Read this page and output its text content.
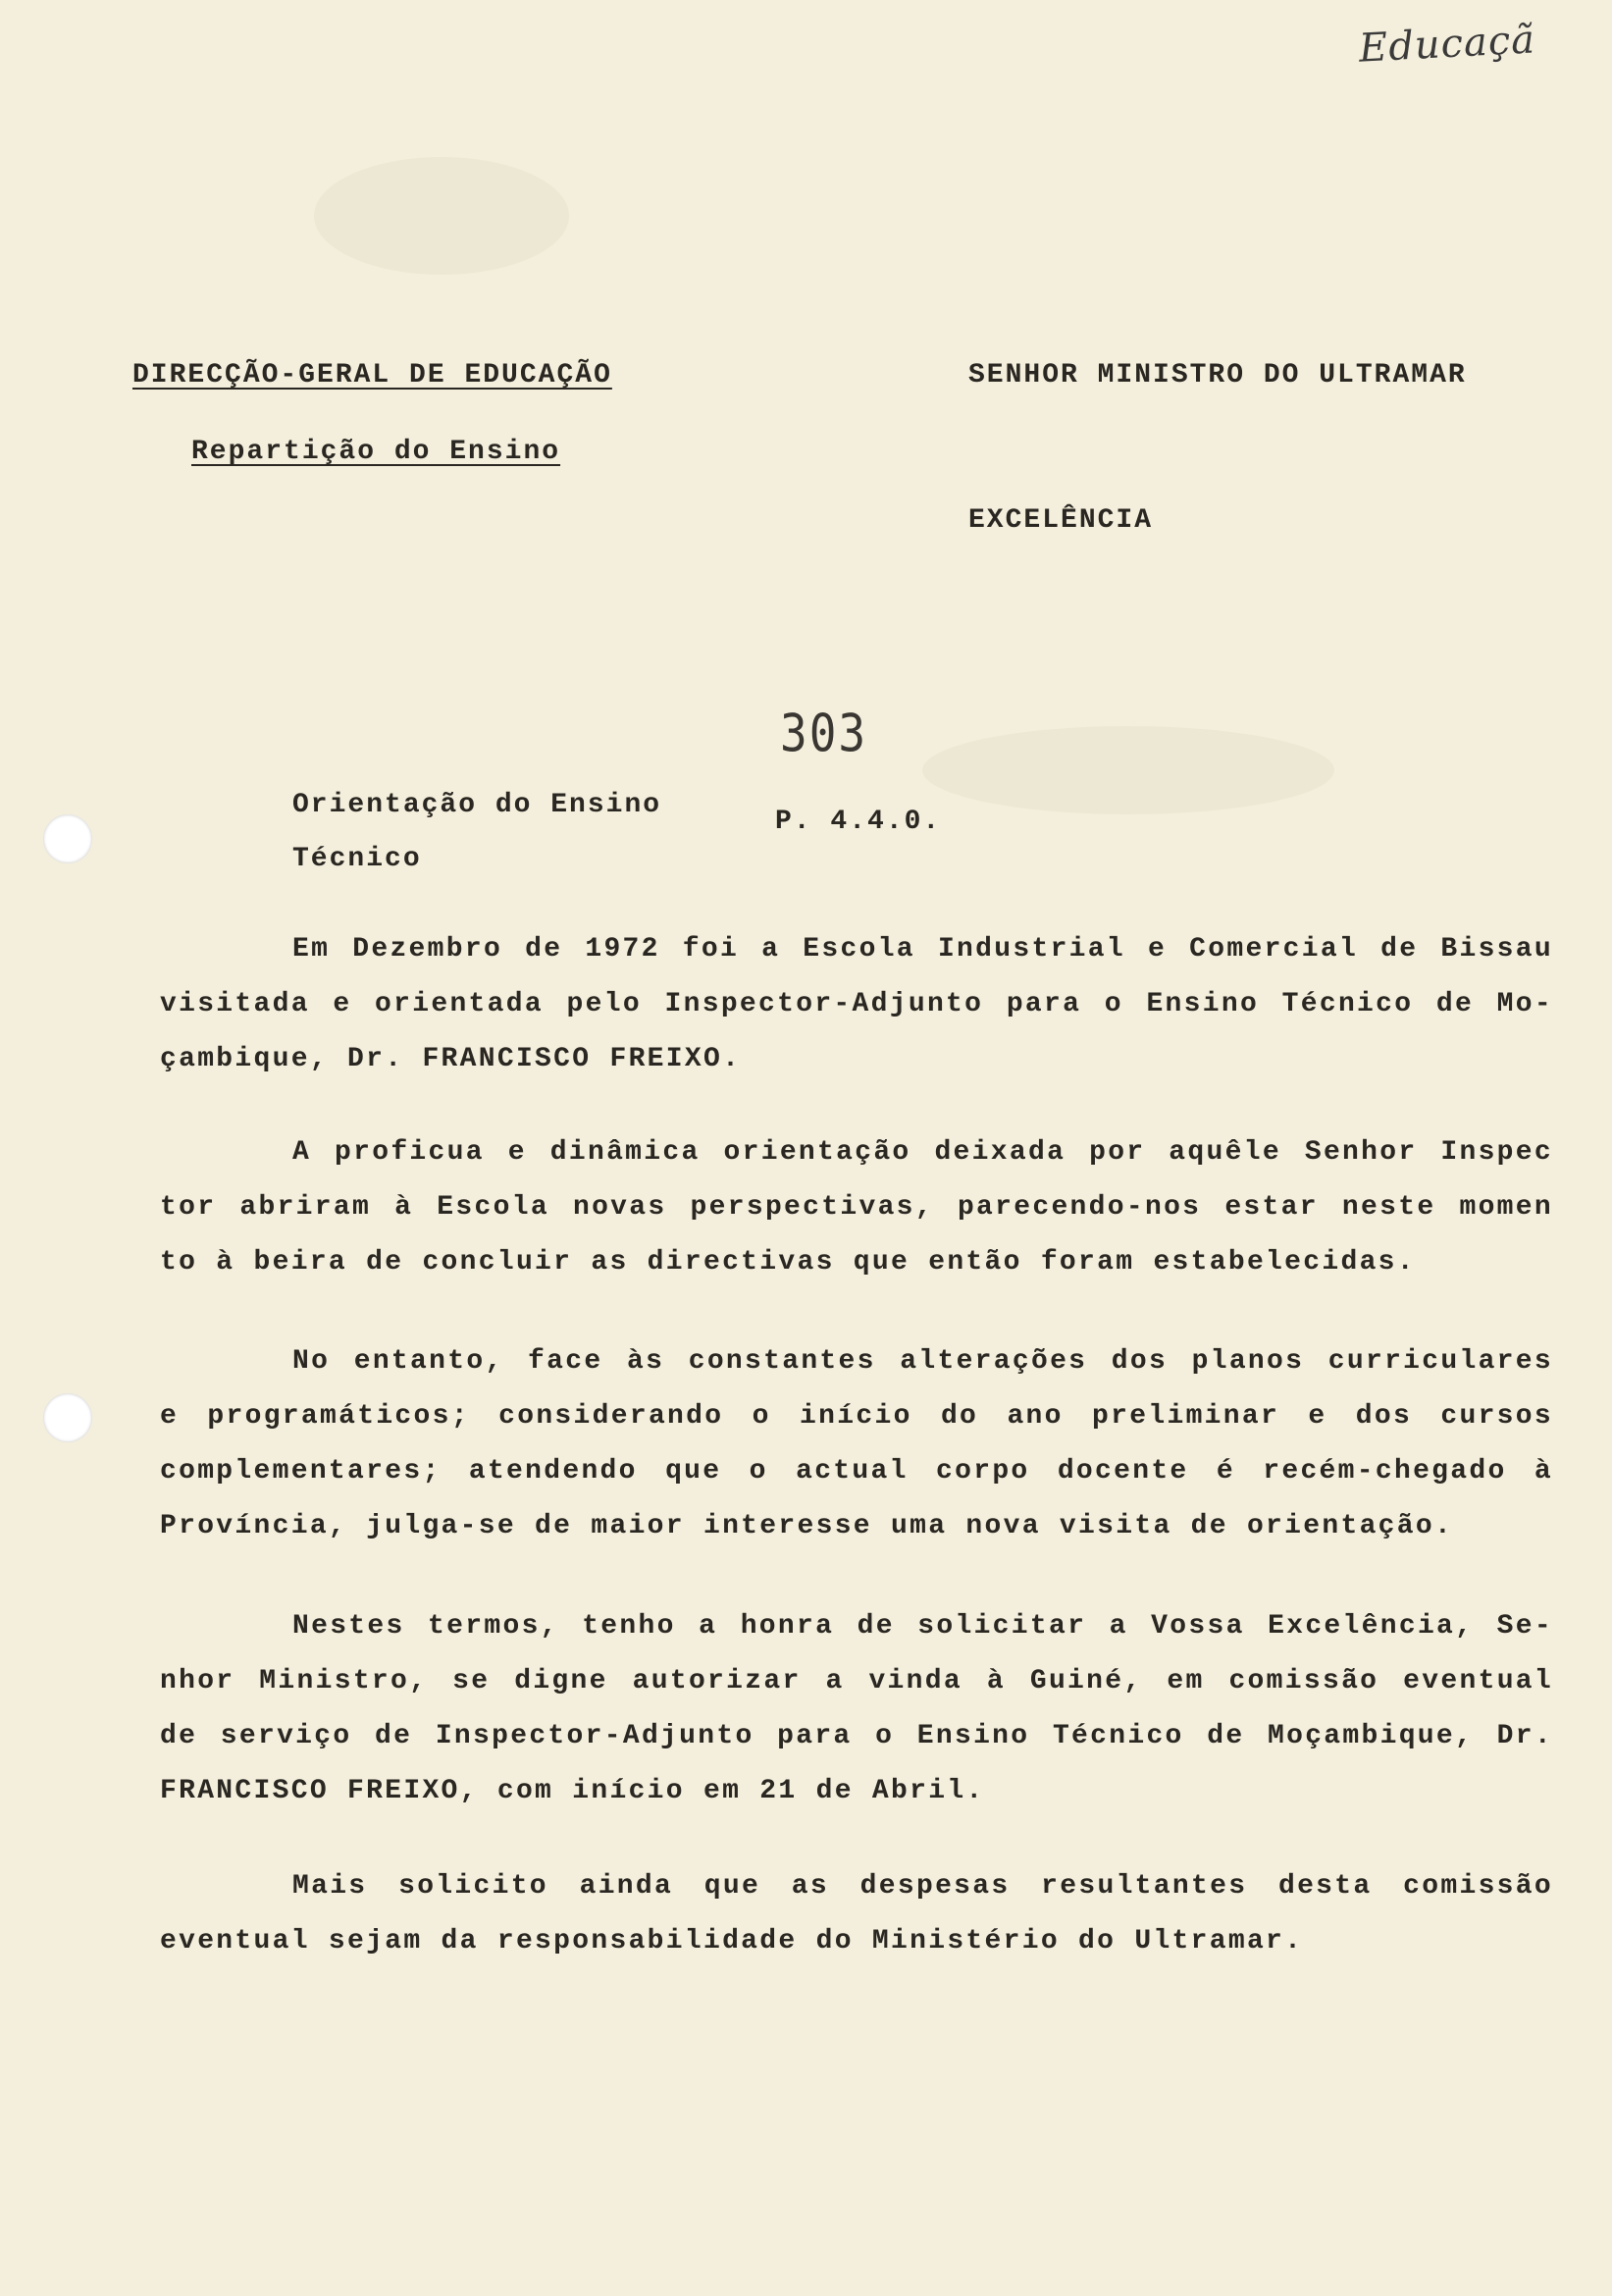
Educaçã
DIRECÇÃO-GERAL DE EDUCAÇÃO
Repartição do Ensino
SENHOR MINISTRO DO ULTRAMAR
EXCELÊNCIA
303
Orientação do Ensino
Técnico
P. 4.4.0.
Em Dezembro de 1972 foi a Escola Industrial e Comercial de Bissau
visitada e orientada pelo Inspector-Adjunto para o Ensino Técnico de Mo-
çambique, Dr. FRANCISCO FREIXO.
A proficua e dinâmica orientação deixada por aquêle Senhor Inspec
tor abriram à Escola novas perspectivas, parecendo-nos estar neste momen
to à beira de concluir as directivas que então foram estabelecidas.
No entanto, face às constantes alterações dos planos curriculares
e programáticos; considerando o início do ano preliminar e dos cursos
complementares; atendendo que o actual corpo docente é recém-chegado à
Província, julga-se de maior interesse uma nova visita de orientação.
Nestes termos, tenho a honra de solicitar a Vossa Excelência, Se-
nhor Ministro, se digne autorizar a vinda à Guiné, em comissão eventual
de serviço de Inspector-Adjunto para o Ensino Técnico de Moçambique, Dr.
FRANCISCO FREIXO, com início em 21 de Abril.
Mais solicito ainda que as despesas resultantes desta comissão
eventual sejam da responsabilidade do Ministério do Ultramar.
